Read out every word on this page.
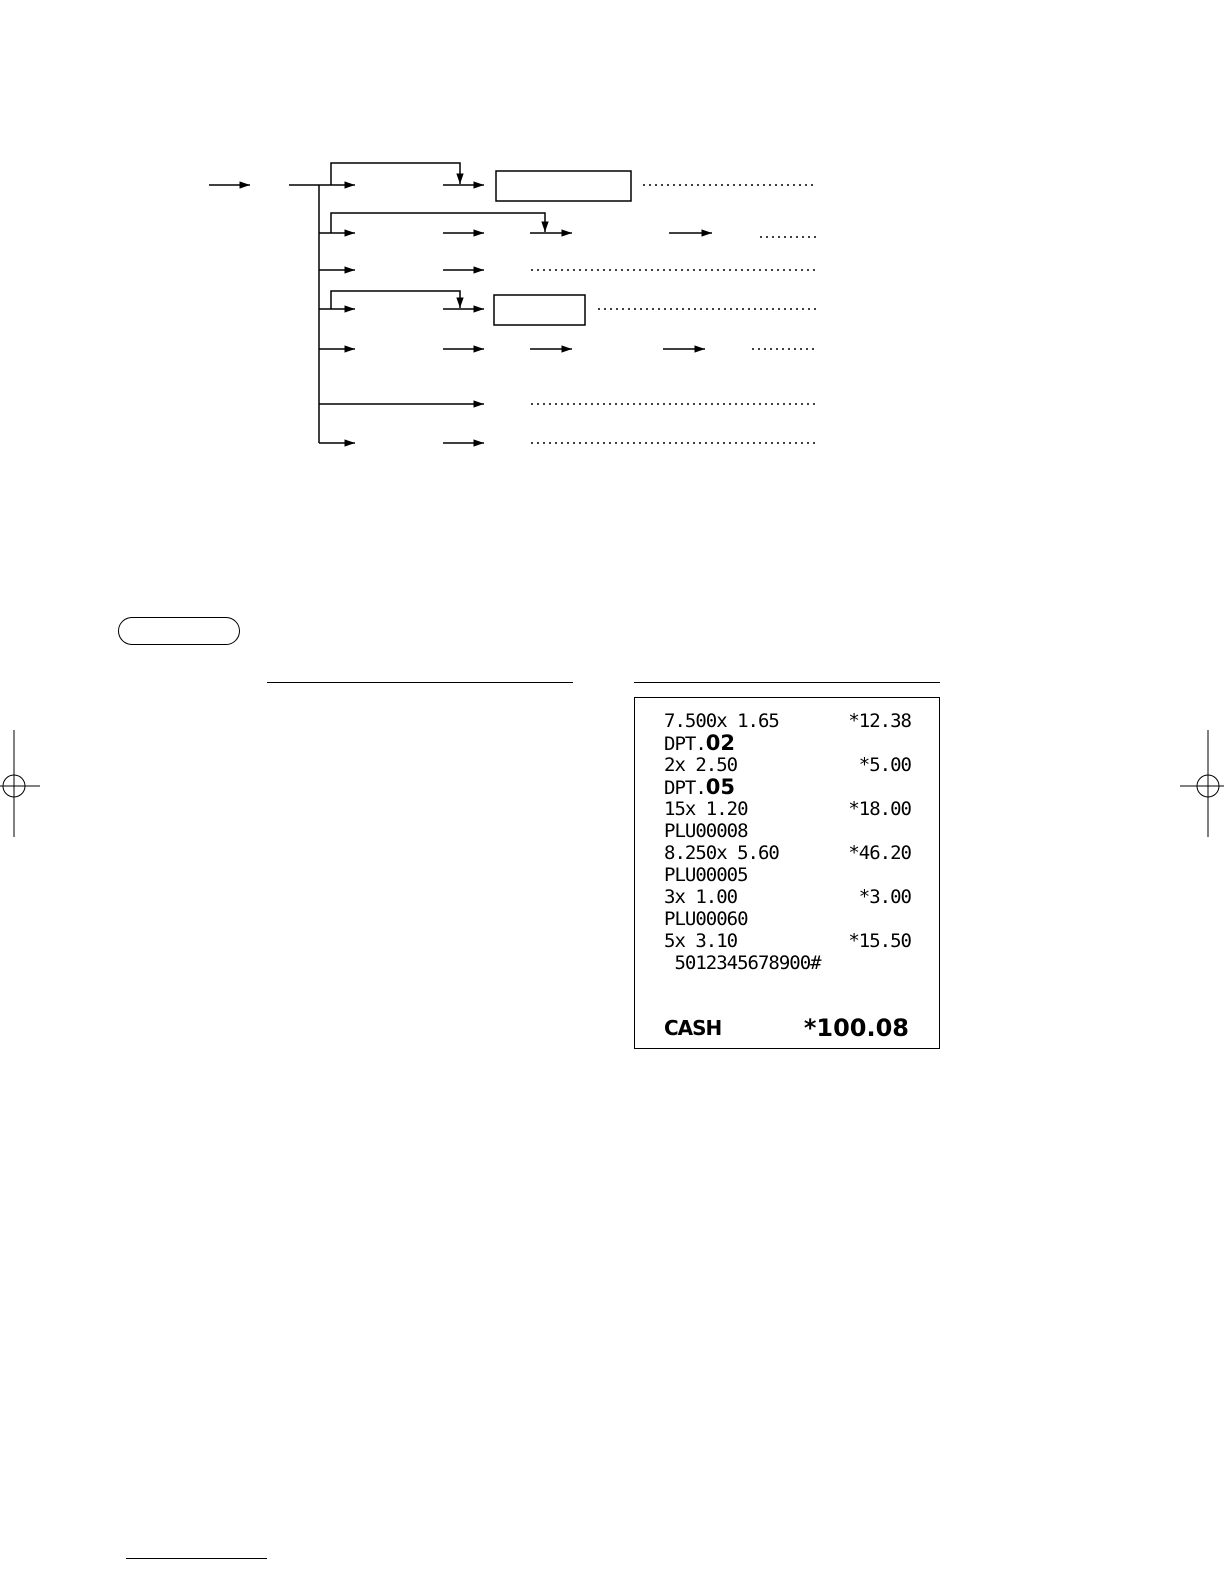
7.500x 1.65	*12.38
DPT.02
2x 2.50	*5.00
DPT.05
15x 1.20	*18.00
PLU00008
8.250x 5.60	*46.20
PLU00005
3x 1.00	*3.00
PLU00060
5x 3.10	*15.50
5012345678900#
CASH	*100.08
